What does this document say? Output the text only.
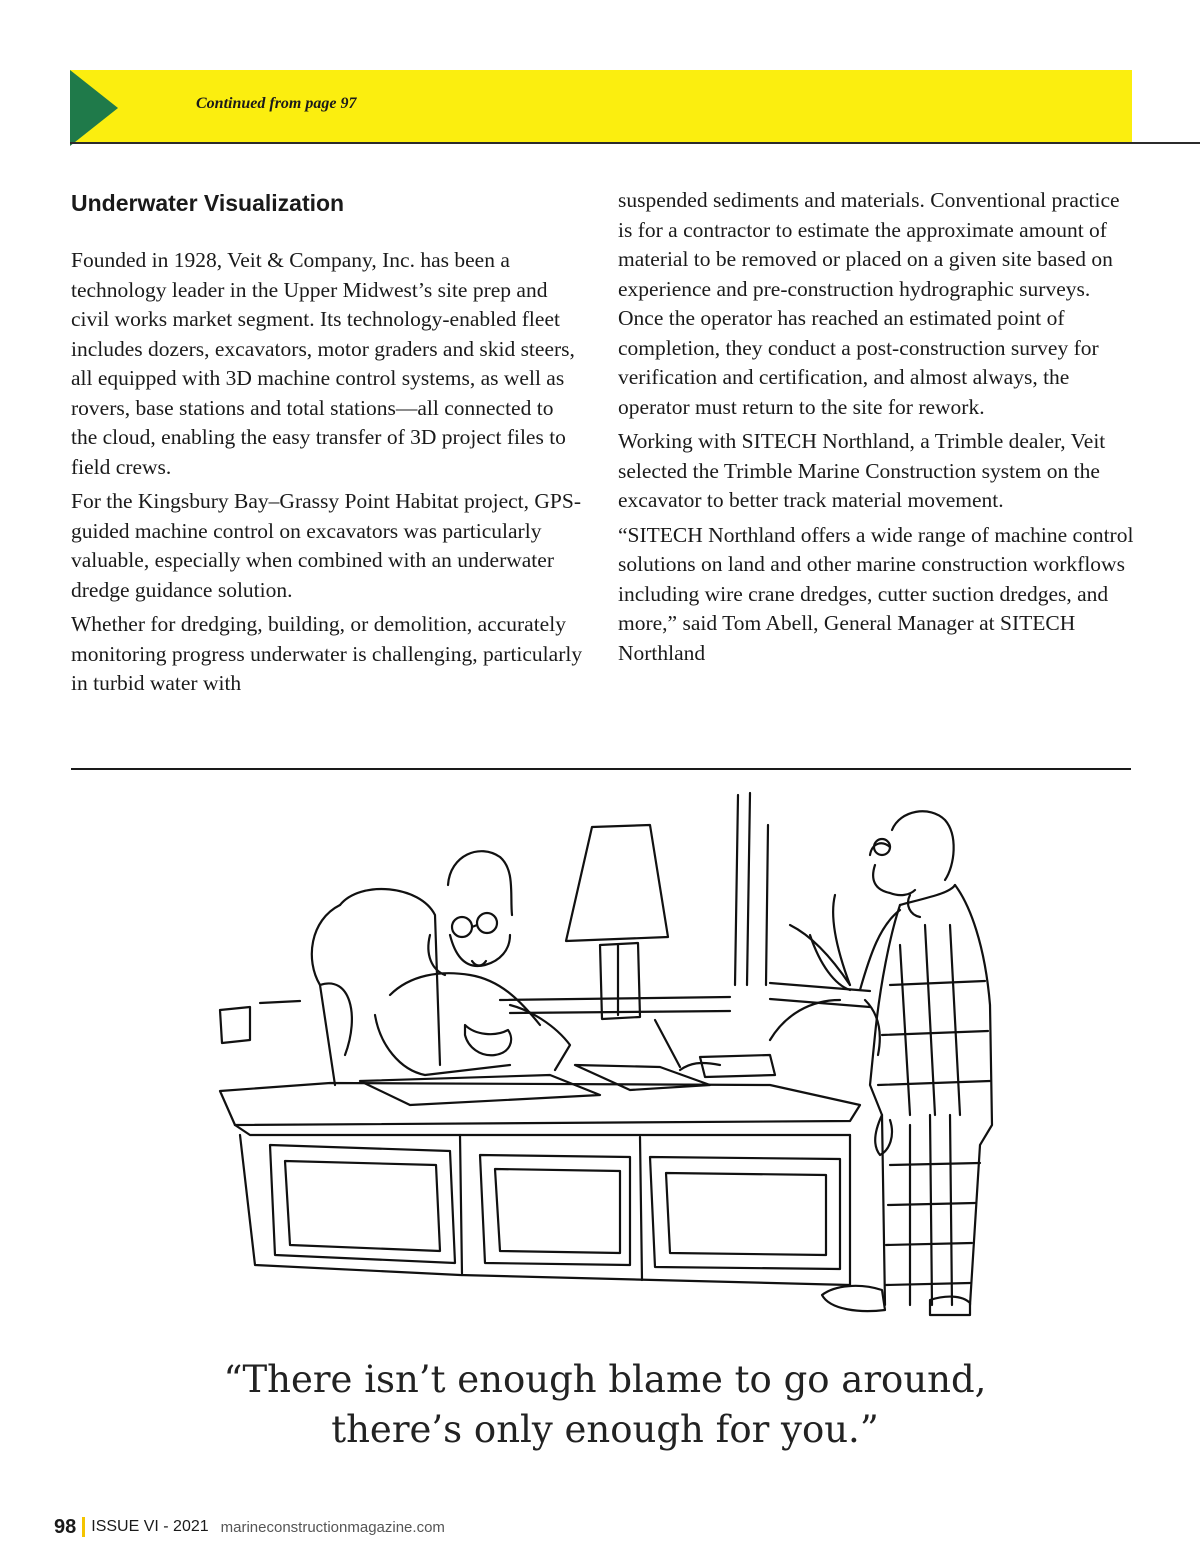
Continued from page 97
Underwater Visualization

Founded in 1928, Veit & Company, Inc. has been a technology leader in the Upper Midwest’s site prep and civil works market segment. Its technology-enabled fleet includes dozers, excavators, motor graders and skid steers, all equipped with 3D machine control systems, as well as rovers, base stations and total stations—all connected to the cloud, enabling the easy transfer of 3D project files to field crews.

For the Kingsbury Bay–Grassy Point Habitat project, GPS-guided machine control on excavators was particularly valuable, especially when combined with an underwater dredge guidance solution.

Whether for dredging, building, or demolition, accurately monitoring progress underwater is challenging, particularly in turbid water with

suspended sediments and materials. Conventional practice is for a contractor to estimate the approximate amount of material to be removed or placed on a given site based on experience and pre-construction hydrographic surveys. Once the operator has reached an estimated point of completion, they conduct a post-construction survey for verification and certification, and almost always, the operator must return to the site for rework.

Working with SITECH Northland, a Trimble dealer, Veit selected the Trimble Marine Construction system on the excavator to better track material movement.

“SITECH Northland offers a wide range of machine control solutions on land and other marine construction workflows including wire crane dredges, cutter suction dredges, and more,” said Tom Abell, General Manager at SITECH Northland

“There isn’t enough blame to go around,
there’s only enough for you.”
98 ISSUE VI - 2021 marineconstructionmagazine.com
